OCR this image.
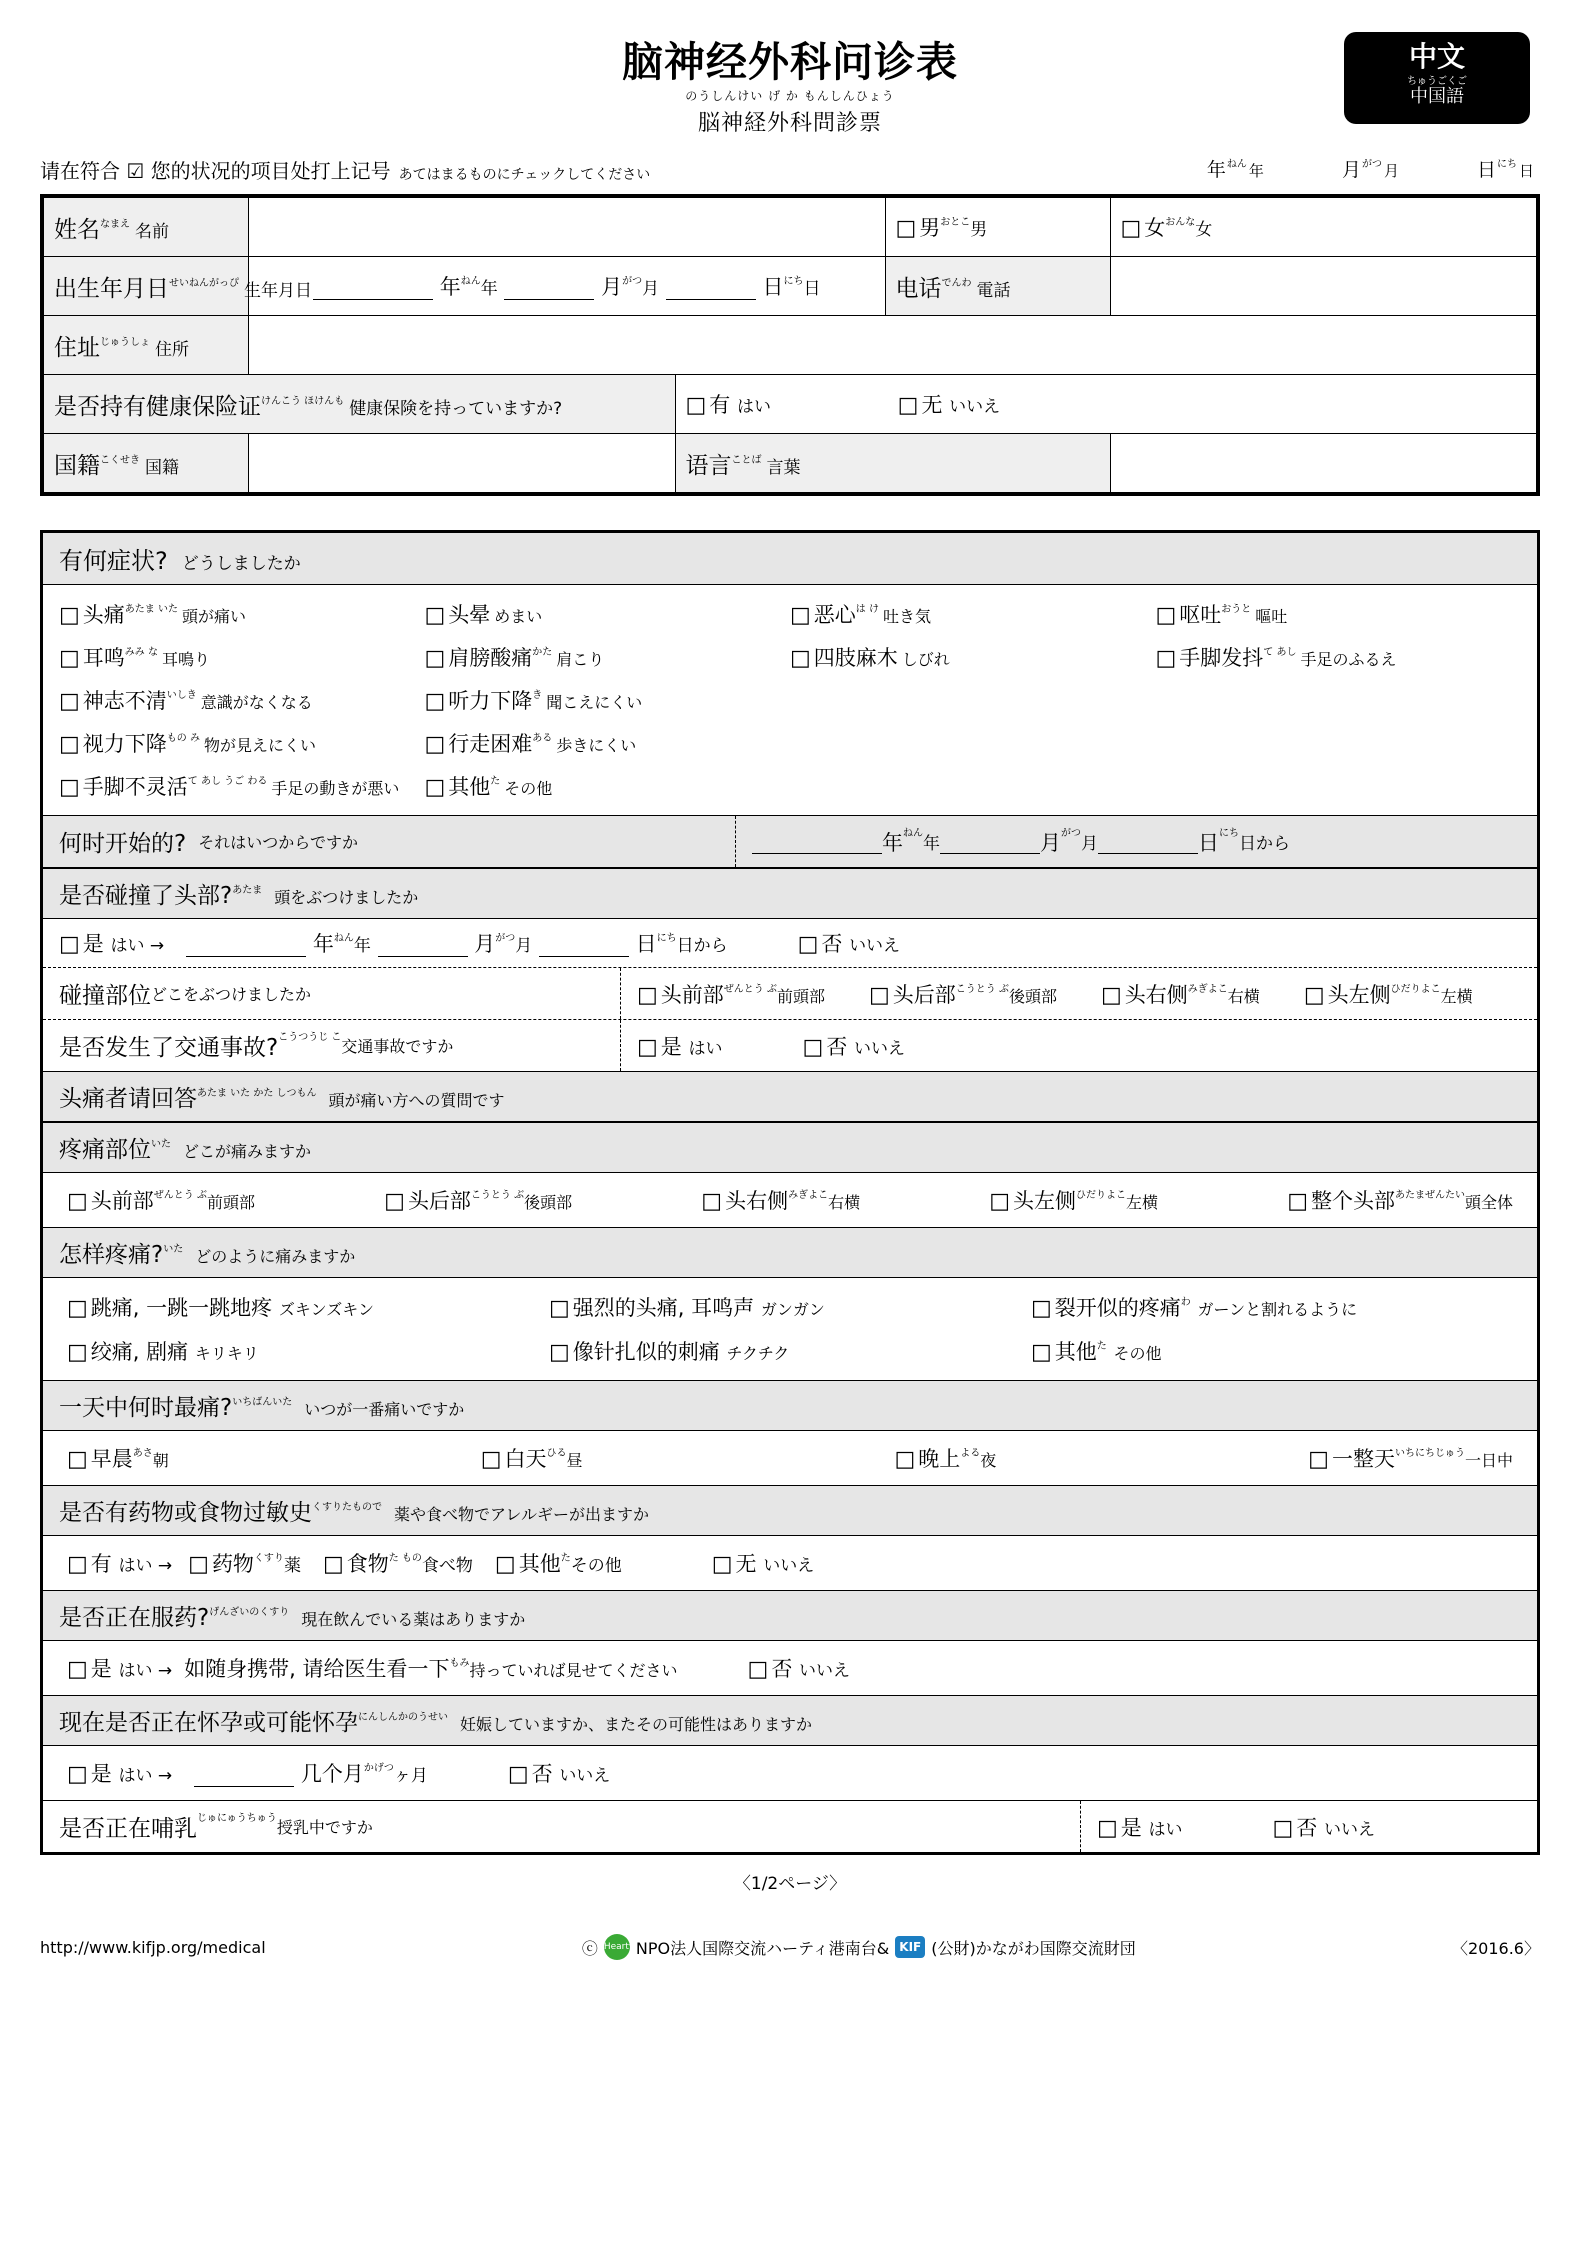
脑神经外科问诊表
のうしんけい げ か もんしんひょう
脳神経外科問診票
中文
ちゅうごくご
中国語
请在符合 ☑ 您的状况的项目处打上记号 あてはまるものにチェックしてください	年$^{ねん}$ 年	月$^{がつ}$ 月	日$^{にち}$ 日
姓名$^{なまえ}$ 名前			□ 男$^{おとこ}$男	□ 女$^{おんな}$女
出生年月日$^{せいねんがっぴ}$ 生年月日	年$^{ねん}$年 月$^{がつ}$月 日$^{にち}$日		电话$^{でんわ}$ 電話	
住址$^{じゅうしょ}$ 住所				
是否持有健康保险证$^{けんこう ほけんも}$ 健康保険を持っていますか?		□ 有 はい □ 无 いいえ		
国籍$^{こくせき}$ 国籍		语言$^{ことば}$ 言葉		
有何症状? どうしましたか
□ 头痛$^{あたま いた}$ 頭が痛い	□ 头晕 めまい	□ 恶心$^{は け}$ 吐き気	□ 呕吐$^{おうと}$ 嘔吐
□ 耳鸣$^{みみ な}$ 耳鳴り	□ 肩膀酸痛$^{かた}$ 肩こり	□ 四肢麻木 しびれ	□ 手脚发抖$^{て あし}$ 手足のふるえ
□ 神志不清$^{いしき}$ 意識がなくなる	□ 听力下降$^き$ 聞こえにくい
□ 视力下降$^{もの み}$ 物が見えにくい	□ 行走困难$^{ある}$ 歩きにくい
□ 手脚不灵活$^{て あし うご わる}$ 手足の動きが悪い	□ 其他$^た$ その他
何时开始的? それはいつからですか
	年 ねん
年
	月 がつ
月
	日 にち
日から
是否碰撞了头部?$^{あたま}$ 頭をぶつけましたか
□ 是 はい →	年$^{ねん}$年	月$^{がつ}$月	日$^{にち}$日から	□ 否 いいえ
碰撞部位 どこをぶつけましたか	□ 头前部$^{ぜんとう ぶ}$前頭部 □ 头后部$^{こうとう ぶ}$後頭部 □ 头右侧$^{みぎよこ}$右横 □ 头左侧$^{ひだりよこ}$左横
是否发生了交通事故? こうつうじ こ 交通事故ですか	□ 是 はい	□ 否 いいえ
头痛者请回答$^{あたま いた かた しつもん}$ 頭が痛い方への質問です
疼痛部位$^{いた}$ どこが痛みますか
□ 头前部$^{ぜんとう ぶ}$前頭部	□ 头后部$^{こうとう ぶ}$後頭部	□ 头右侧$^{みぎよこ}$右横	□ 头左侧$^{ひだりよこ}$左横	□ 整个头部$^{あたまぜんたい}$頭全体
怎样疼痛?$^{いた}$ どのように痛みますか
□ 跳痛, 一跳一跳地疼 ズキンズキン	□ 强烈的头痛, 耳鸣声 ガンガン	□ 裂开似的疼痛$^わ$ ガーンと割れるように
□ 绞痛, 剧痛 キリキリ	□ 像针扎似的刺痛 チクチク	□ 其他$^た$ その他
一天中何时最痛?$^{いちばんいた}$ いつが一番痛いですか
□ 早晨$^{あさ}$朝	□ 白天$^{ひる}$昼	□ 晚上$^{よる}$夜	□ 一整天$^{いちにちじゅう}$一日中
是否有药物或食物过敏史$^{くすりたもので}$ 薬や食べ物でアレルギーが出ますか
□ 有 はい → □ 药物$^{くすり}$薬 □ 食物$^{た もの}$食べ物 □ 其他$^た$その他	□ 无 いいえ
是否正在服药?$^{げんざいのくすり}$ 現在飲んでいる薬はありますか
□ 是 はい → 如随身携带, 请给医生看一下$^{もみ}$持っていれば見せてください	□ 否 いいえ
现在是否正在怀孕或可能怀孕$^{にんしんかのうせい}$ 妊娠していますか、またその可能性はありますか
□ 是 はい →	几个月$^{かげつ}$ヶ月	□ 否 いいえ
是否正在哺乳 じゅにゅうちゅう 授乳中ですか	□ 是 はい	□ 否 いいえ
〈1/2ページ〉
http://www.kifjp.org/medical	ⓒ Hearty NPO法人国際交流ハーティ港南台& KIF (公財)かながわ国際交流財団	〈2016.6〉
